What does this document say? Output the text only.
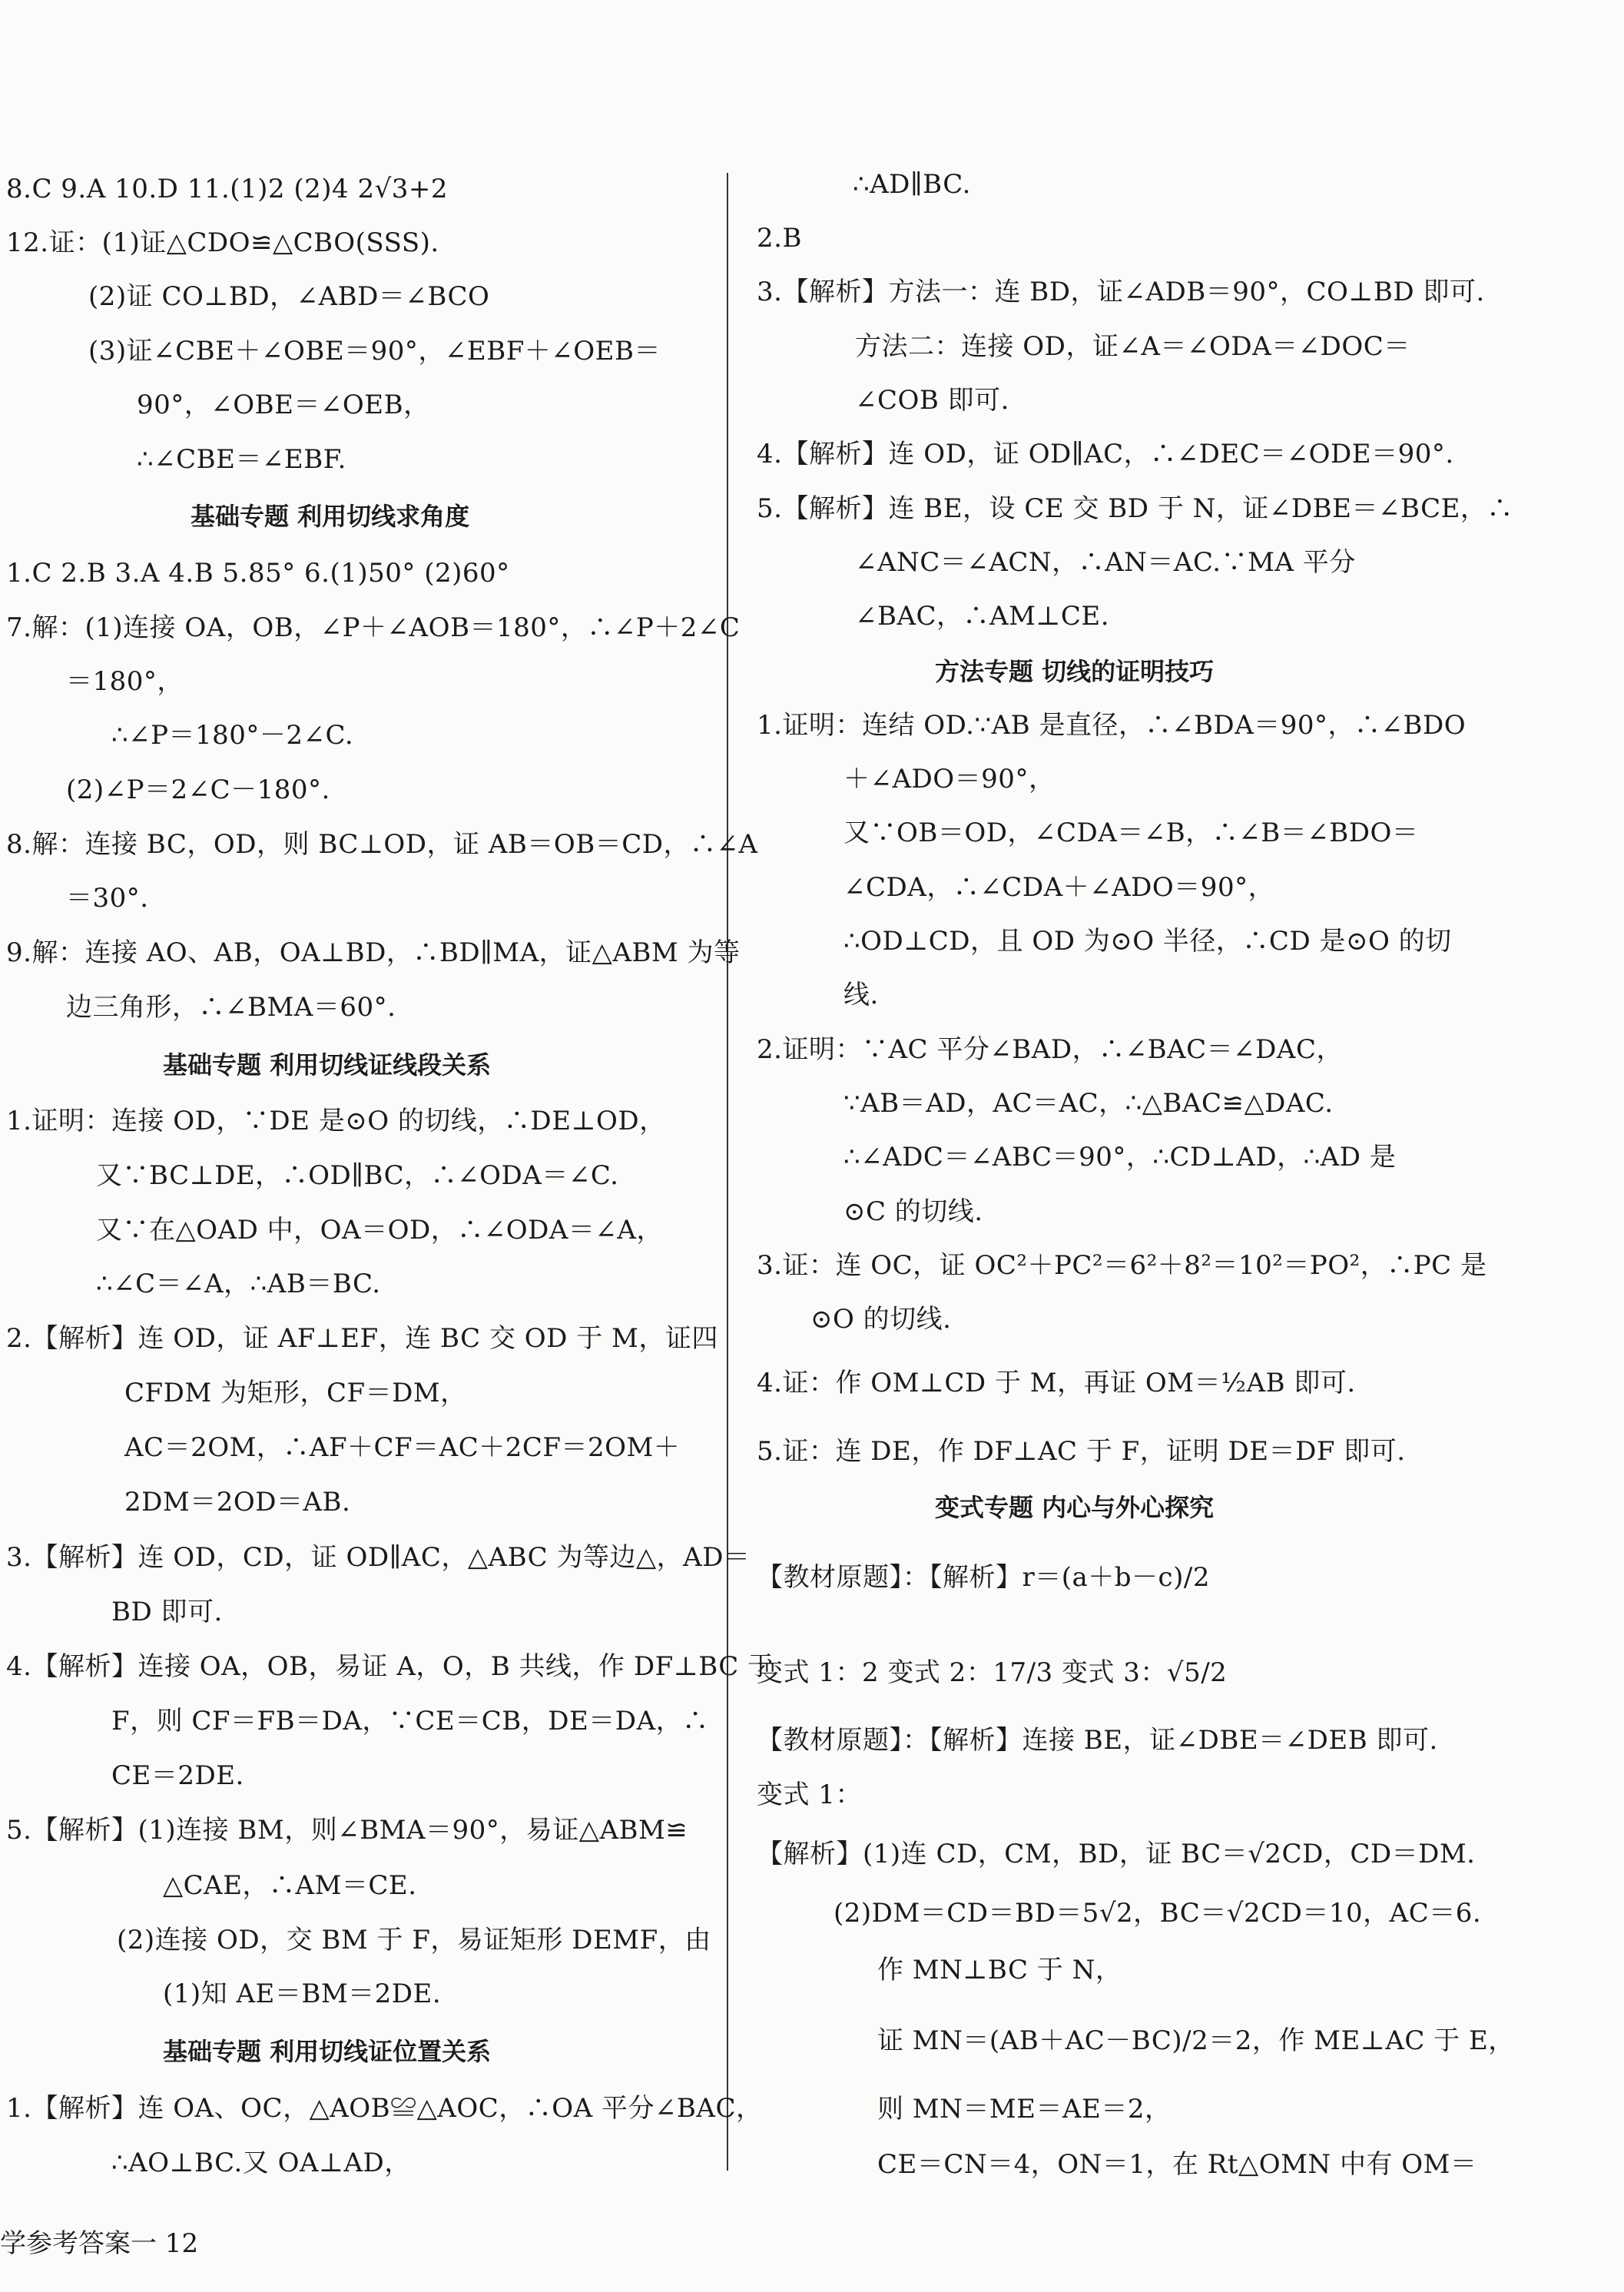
8.C 9.A 10.D 11.(1)2 (2)4 2√3+2
12.证：(1)证△CDO≌△CBO(SSS).
(2)证 CO⊥BD，∠ABD＝∠BCO
(3)证∠CBE＋∠OBE＝90°，∠EBF＋∠OEB＝
90°，∠OBE＝∠OEB，
∴∠CBE＝∠EBF.
基础专题 利用切线求角度
1.C 2.B 3.A 4.B 5.85° 6.(1)50° (2)60°
7.解：(1)连接 OA，OB，∠P＋∠AOB＝180°，∴∠P＋2∠C
＝180°，
∴∠P＝180°－2∠C.
(2)∠P＝2∠C－180°.
8.解：连接 BC，OD，则 BC⊥OD，证 AB＝OB＝CD，∴∠A
＝30°.
9.解：连接 AO、AB，OA⊥BD，∴BD∥MA，证△ABM 为等
边三角形，∴∠BMA＝60°.
基础专题 利用切线证线段关系
1.证明：连接 OD，∵DE 是⊙O 的切线，∴DE⊥OD，
又∵BC⊥DE，∴OD∥BC，∴∠ODA＝∠C.
又∵在△OAD 中，OA＝OD，∴∠ODA＝∠A，
∴∠C＝∠A，∴AB＝BC.
2.【解析】连 OD，证 AF⊥EF，连 BC 交 OD 于 M，证四
CFDM 为矩形，CF＝DM，
AC＝2OM，∴AF＋CF＝AC＋2CF＝2OM＋
2DM＝2OD＝AB.
3.【解析】连 OD，CD，证 OD∥AC，△ABC 为等边△，AD＝
BD 即可.
4.【解析】连接 OA，OB，易证 A，O，B 共线，作 DF⊥BC 于
F，则 CF＝FB＝DA，∵CE＝CB，DE＝DA，∴
CE＝2DE.
5.【解析】(1)连接 BM，则∠BMA＝90°，易证△ABM≌
△CAE，∴AM＝CE.
(2)连接 OD，交 BM 于 F，易证矩形 DEMF，由
(1)知 AE＝BM＝2DE.
基础专题 利用切线证位置关系
1.【解析】连 OA、OC，△AOB≌△AOC，∴OA 平分∠BAC，
∴AO⊥BC.又 OA⊥AD，
∴AD∥BC.
2.B
3.【解析】方法一：连 BD，证∠ADB＝90°，CO⊥BD 即可.
方法二：连接 OD，证∠A＝∠ODA＝∠DOC＝
∠COB 即可.
4.【解析】连 OD，证 OD∥AC，∴∠DEC＝∠ODE＝90°.
5.【解析】连 BE，设 CE 交 BD 于 N，证∠DBE＝∠BCE，∴
∠ANC＝∠ACN，∴AN＝AC.∵MA 平分
∠BAC，∴AM⊥CE.
方法专题 切线的证明技巧
1.证明：连结 OD.∵AB 是直径，∴∠BDA＝90°，∴∠BDO
＋∠ADO＝90°，
又∵OB＝OD，∠CDA＝∠B，∴∠B＝∠BDO＝
∠CDA，∴∠CDA＋∠ADO＝90°，
∴OD⊥CD，且 OD 为⊙O 半径，∴CD 是⊙O 的切
线.
2.证明：∵AC 平分∠BAD，∴∠BAC＝∠DAC，
∵AB＝AD，AC＝AC，∴△BAC≌△DAC.
∴∠ADC＝∠ABC＝90°，∴CD⊥AD，∴AD 是
⊙C 的切线.
3.证：连 OC，证 OC²＋PC²＝6²＋8²＝10²＝PO²，∴PC 是
⊙O 的切线.
4.证：作 OM⊥CD 于 M，再证 OM＝½AB 即可.
5.证：连 DE，作 DF⊥AC 于 F，证明 DE＝DF 即可.
变式专题 内心与外心探究
【教材原题】：【解析】r＝(a＋b－c)/2
变式 1：2 变式 2：17/3 变式 3：√5/2
【教材原题】：【解析】连接 BE，证∠DBE＝∠DEB 即可.
变式 1：
【解析】(1)连 CD，CM，BD，证 BC＝√2CD，CD＝DM.
(2)DM＝CD＝BD＝5√2，BC＝√2CD＝10，AC＝6.
作 MN⊥BC 于 N，
证 MN＝(AB＋AC－BC)/2＝2，作 ME⊥AC 于 E，
则 MN＝ME＝AE＝2，
CE＝CN＝4，ON＝1，在 Rt△OMN 中有 OM＝
学参考答案一 12
